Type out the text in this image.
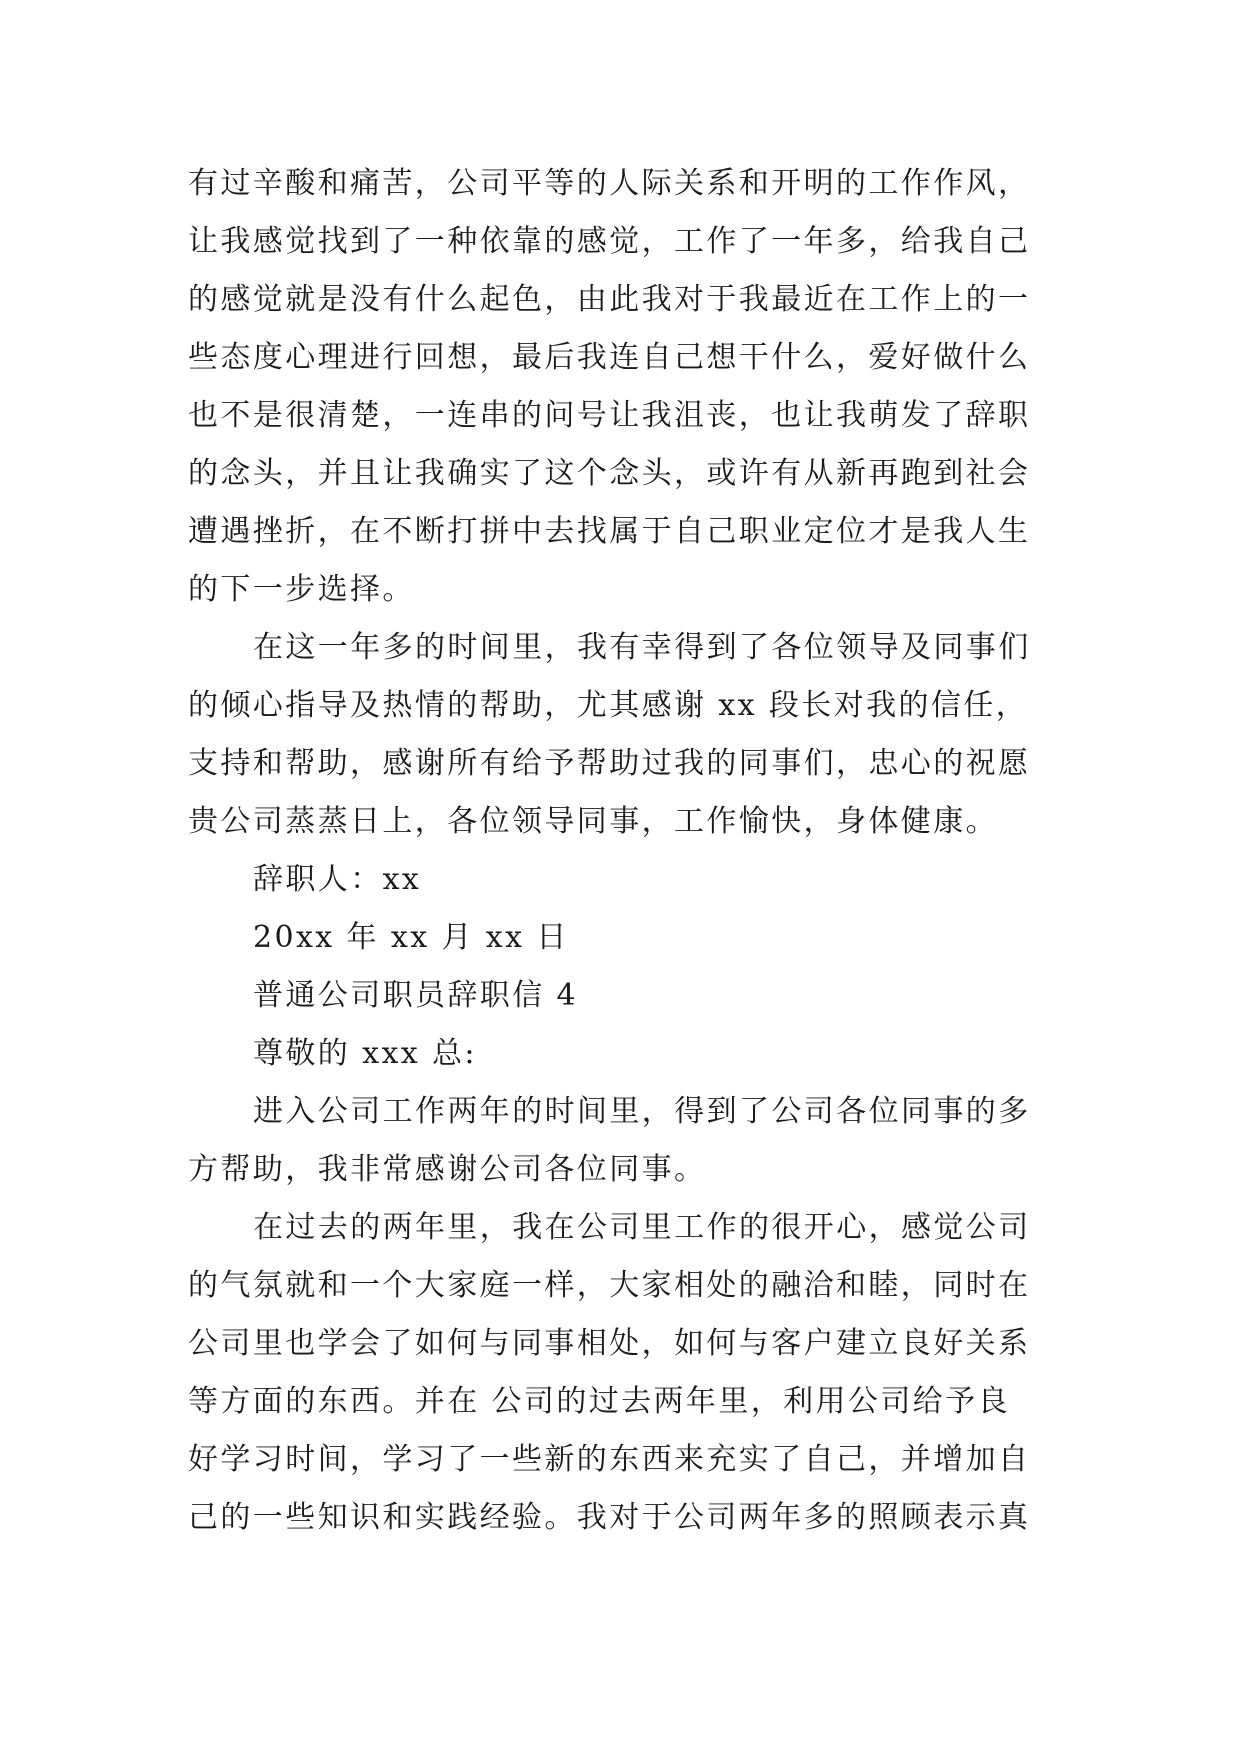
有过辛酸和痛苦，公司平等的人际关系和开明的工作作风，
让我感觉找到了一种依靠的感觉，工作了一年多，给我自己
的感觉就是没有什么起色，由此我对于我最近在工作上的一
些态度心理进行回想，最后我连自己想干什么，爱好做什么
也不是很清楚，一连串的问号让我沮丧，也让我萌发了辞职
的念头，并且让我确实了这个念头，或许有从新再跑到社会
遭遇挫折，在不断打拼中去找属于自己职业定位才是我人生
的下一步选择。
在这一年多的时间里，我有幸得到了各位领导及同事们
的倾心指导及热情的帮助，尤其感谢 xx 段长对我的信任，
支持和帮助，感谢所有给予帮助过我的同事们，忠心的祝愿
贵公司蒸蒸日上，各位领导同事，工作愉快，身体健康。
辞职人：xx
20xx 年 xx 月 xx 日
普通公司职员辞职信 4
尊敬的 xxx 总:
进入公司工作两年的时间里，得到了公司各位同事的多
方帮助，我非常感谢公司各位同事。
在过去的两年里，我在公司里工作的很开心，感觉公司
的气氛就和一个大家庭一样，大家相处的融洽和睦，同时在
公司里也学会了如何与同事相处，如何与客户建立良好关系
等方面的东西。并在 公司的过去两年里，利用公司给予良
好学习时间，学习了一些新的东西来充实了自己，并增加自
己的一些知识和实践经验。我对于公司两年多的照顾表示真
